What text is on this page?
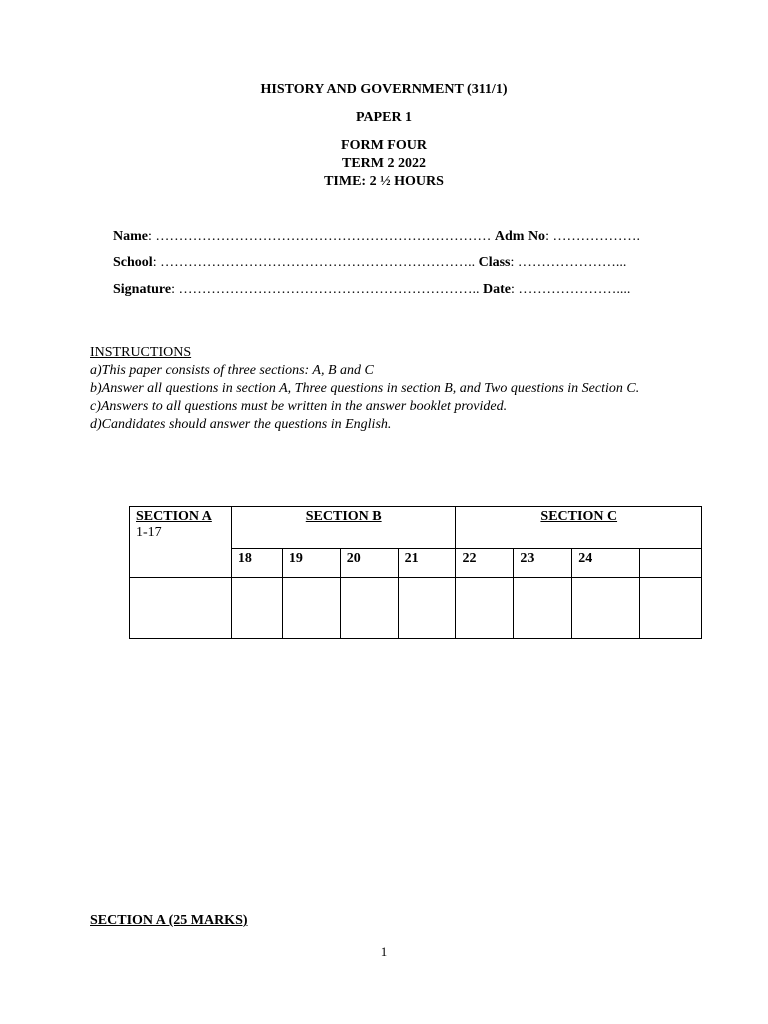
HISTORY AND GOVERNMENT (311/1)
PAPER 1
FORM FOUR
TERM 2 2022
TIME: 2 ½ HOURS
Name: ……………………………………………………………… Adm No: ……………….
School: ………………………………………………………….. Class: …………………...
Signature: ……………………………………………………….. Date: …………………....
INSTRUCTIONS
a)This paper consists of three sections: A, B and C
b)Answer all questions in section A, Three questions in section B, and Two questions in Section C.
c)Answers to all questions must be written in the answer booklet provided.
d)Candidates should answer the questions in English.
SECTION A
1-17	SECTION B				SECTION C			
	18	19	20	21	22	23	24	

SECTION A (25 MARKS)
1
